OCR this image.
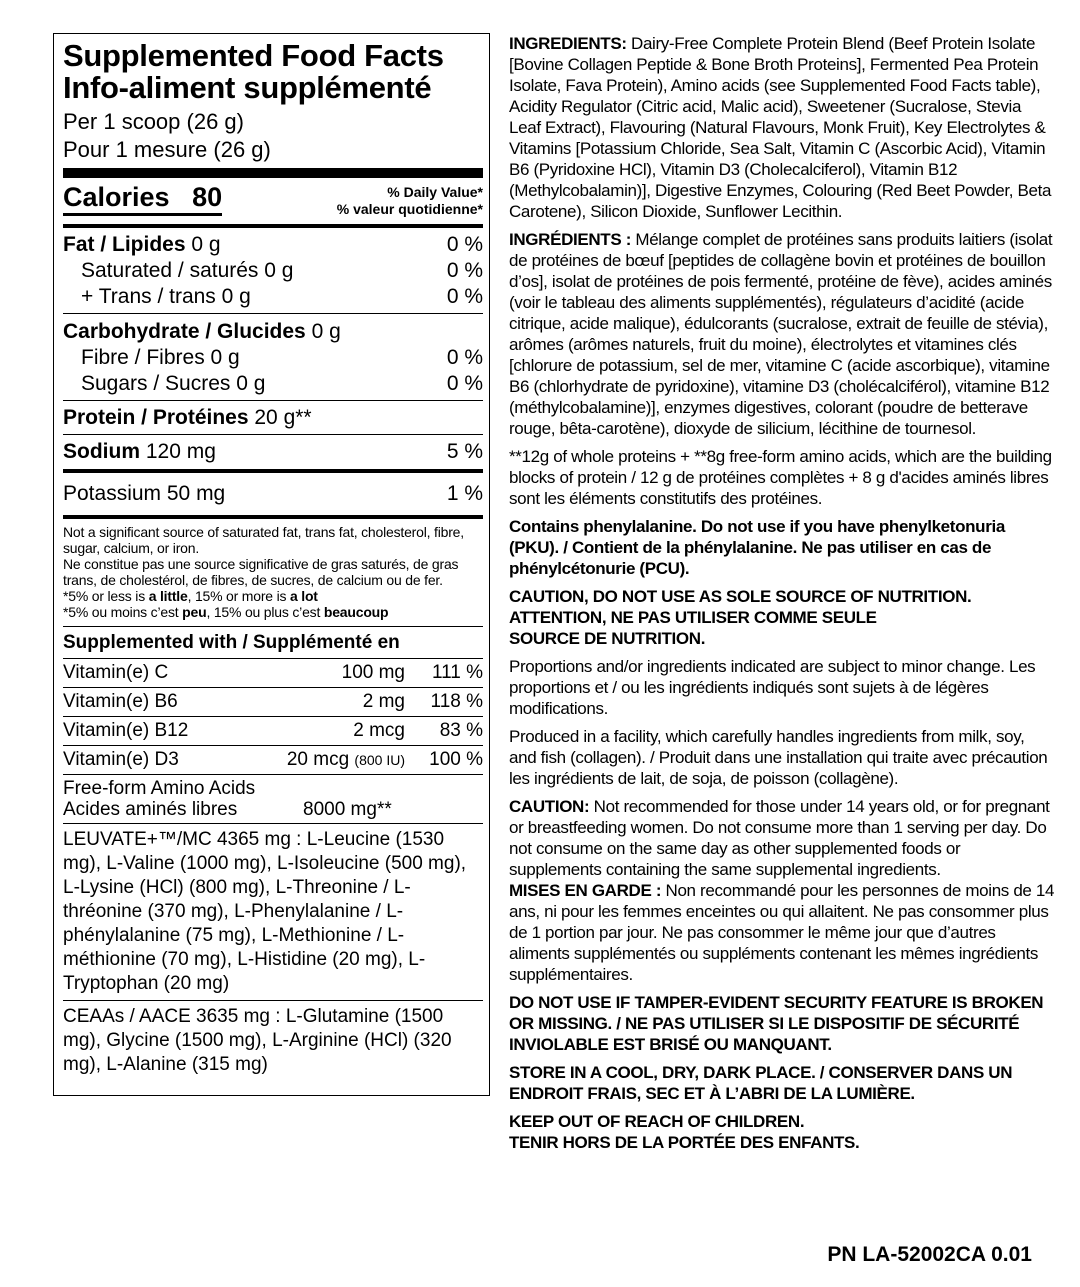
Supplemented Food Facts
Info-aliment supplémenté
Per 1 scoop (26 g)
Pour 1 mesure (26 g)
Calories 80	% Daily Value*
% valeur quotidienne*
Fat / Lipides 0 g	0 %
Saturated / saturés 0 g	0 %
+ Trans / trans 0 g	0 %
Carbohydrate / Glucides 0 g
Fibre / Fibres 0 g	0 %
Sugars / Sucres 0 g	0 %
Protein / Protéines 20 g**
Sodium 120 mg	5 %
Potassium 50 mg	1 %
Not a significant source of saturated fat, trans fat, cholesterol, fibre, sugar, calcium, or iron.
Ne constitue pas une source significative de gras saturés, de gras trans, de cholestérol, de fibres, de sucres, de calcium ou de fer.
*5% or less is a little, 15% or more is a lot
*5% ou moins c’est peu, 15% ou plus c’est beaucoup
Supplemented with / Supplémenté en
Vitamin(e) C	100 mg	111 %
Vitamin(e) B6	2 mg	118 %
Vitamin(e) B12	2 mcg	83 %
Vitamin(e) D3	20 mcg (800 IU)	100 %
Free-form Amino Acids
Acides aminés libres	8000 mg**
LEUVATE+™/MC 4365 mg : L-Leucine (1530 mg), L-Valine (1000 mg), L-Isoleucine (500 mg), L-Lysine (HCl) (800 mg), L-Threonine / L-thréonine (370 mg), L-Phenylalanine / L-phénylalanine (75 mg), L-Methionine / L-méthionine (70 mg), L-Histidine (20 mg), L-Tryptophan (20 mg)
CEAAs / AACE 3635 mg : L-Glutamine (1500 mg), Glycine (1500 mg), L-Arginine (HCl) (320 mg), L-Alanine (315 mg)

INGREDIENTS: Dairy-Free Complete Protein Blend (Beef Protein Isolate [Bovine Collagen Peptide & Bone Broth Proteins], Fermented Pea Protein Isolate, Fava Protein), Amino acids (see Supplemented Food Facts table), Acidity Regulator (Citric acid, Malic acid), Sweetener (Sucralose, Stevia Leaf Extract), Flavouring (Natural Flavours, Monk Fruit), Key Electrolytes & Vitamins [Potassium Chloride, Sea Salt, Vitamin C (Ascorbic Acid), Vitamin B6 (Pyridoxine HCl), Vitamin D3 (Cholecalciferol), Vitamin B12 (Methylcobalamin)], Digestive Enzymes, Colouring (Red Beet Powder, Beta Carotene), Silicon Dioxide, Sunflower Lecithin.

INGRÉDIENTS : Mélange complet de protéines sans produits laitiers (isolat de protéines de bœuf [peptides de collagène bovin et protéines de bouillon d’os], isolat de protéines de pois fermenté, protéine de fève), acides aminés (voir le tableau des aliments supplémentés), régulateurs d’acidité (acide citrique, acide malique), édulcorants (sucralose, extrait de feuille de stévia), arômes (arômes naturels, fruit du moine), électrolytes et vitamines clés [chlorure de potassium, sel de mer, vitamine C (acide ascorbique), vitamine B6 (chlorhydrate de pyridoxine), vitamine D3 (cholécalciférol), vitamine B12 (méthylcobalamine)], enzymes digestives, colorant (poudre de betterave rouge, bêta-carotène), dioxyde de silicium, lécithine de tournesol.

**12g of whole proteins + **8g free-form amino acids, which are the building blocks of protein / 12 g de protéines complètes + 8 g d'acides aminés libres sont les éléments constitutifs des protéines.

Contains phenylalanine. Do not use if you have phenylketonuria (PKU). / Contient de la phénylalanine. Ne pas utiliser en cas de phénylcétonurie (PCU).

CAUTION, DO NOT USE AS SOLE SOURCE OF NUTRITION.
ATTENTION, NE PAS UTILISER COMME SEULE
SOURCE DE NUTRITION.

Proportions and/or ingredients indicated are subject to minor change. Les proportions et / ou les ingrédients indiqués sont sujets à de légères modifications.

Produced in a facility, which carefully handles ingredients from milk, soy, and fish (collagen). / Produit dans une installation qui traite avec précaution les ingrédients de lait, de soja, de poisson (collagène).

CAUTION: Not recommended for those under 14 years old, or for pregnant or breastfeeding women. Do not consume more than 1 serving per day. Do not consume on the same day as other supplemented foods or supplements containing the same supplemental ingredients.

MISES EN GARDE : Non recommandé pour les personnes de moins de 14 ans, ni pour les femmes enceintes ou qui allaitent. Ne pas consommer plus de 1 portion par jour. Ne pas consommer le même jour que d’autres aliments supplémentés ou suppléments contenant les mêmes ingrédients supplémentaires.

DO NOT USE IF TAMPER-EVIDENT SECURITY FEATURE IS BROKEN OR MISSING. / NE PAS UTILISER SI LE DISPOSITIF DE SÉCURITÉ INVIOLABLE EST BRISÉ OU MANQUANT.

STORE IN A COOL, DRY, DARK PLACE. / CONSERVER DANS UN ENDROIT FRAIS, SEC ET À L’ABRI DE LA LUMIÈRE.

KEEP OUT OF REACH OF CHILDREN.
TENIR HORS DE LA PORTÉE DES ENFANTS.

PN LA-52002CA 0.01
